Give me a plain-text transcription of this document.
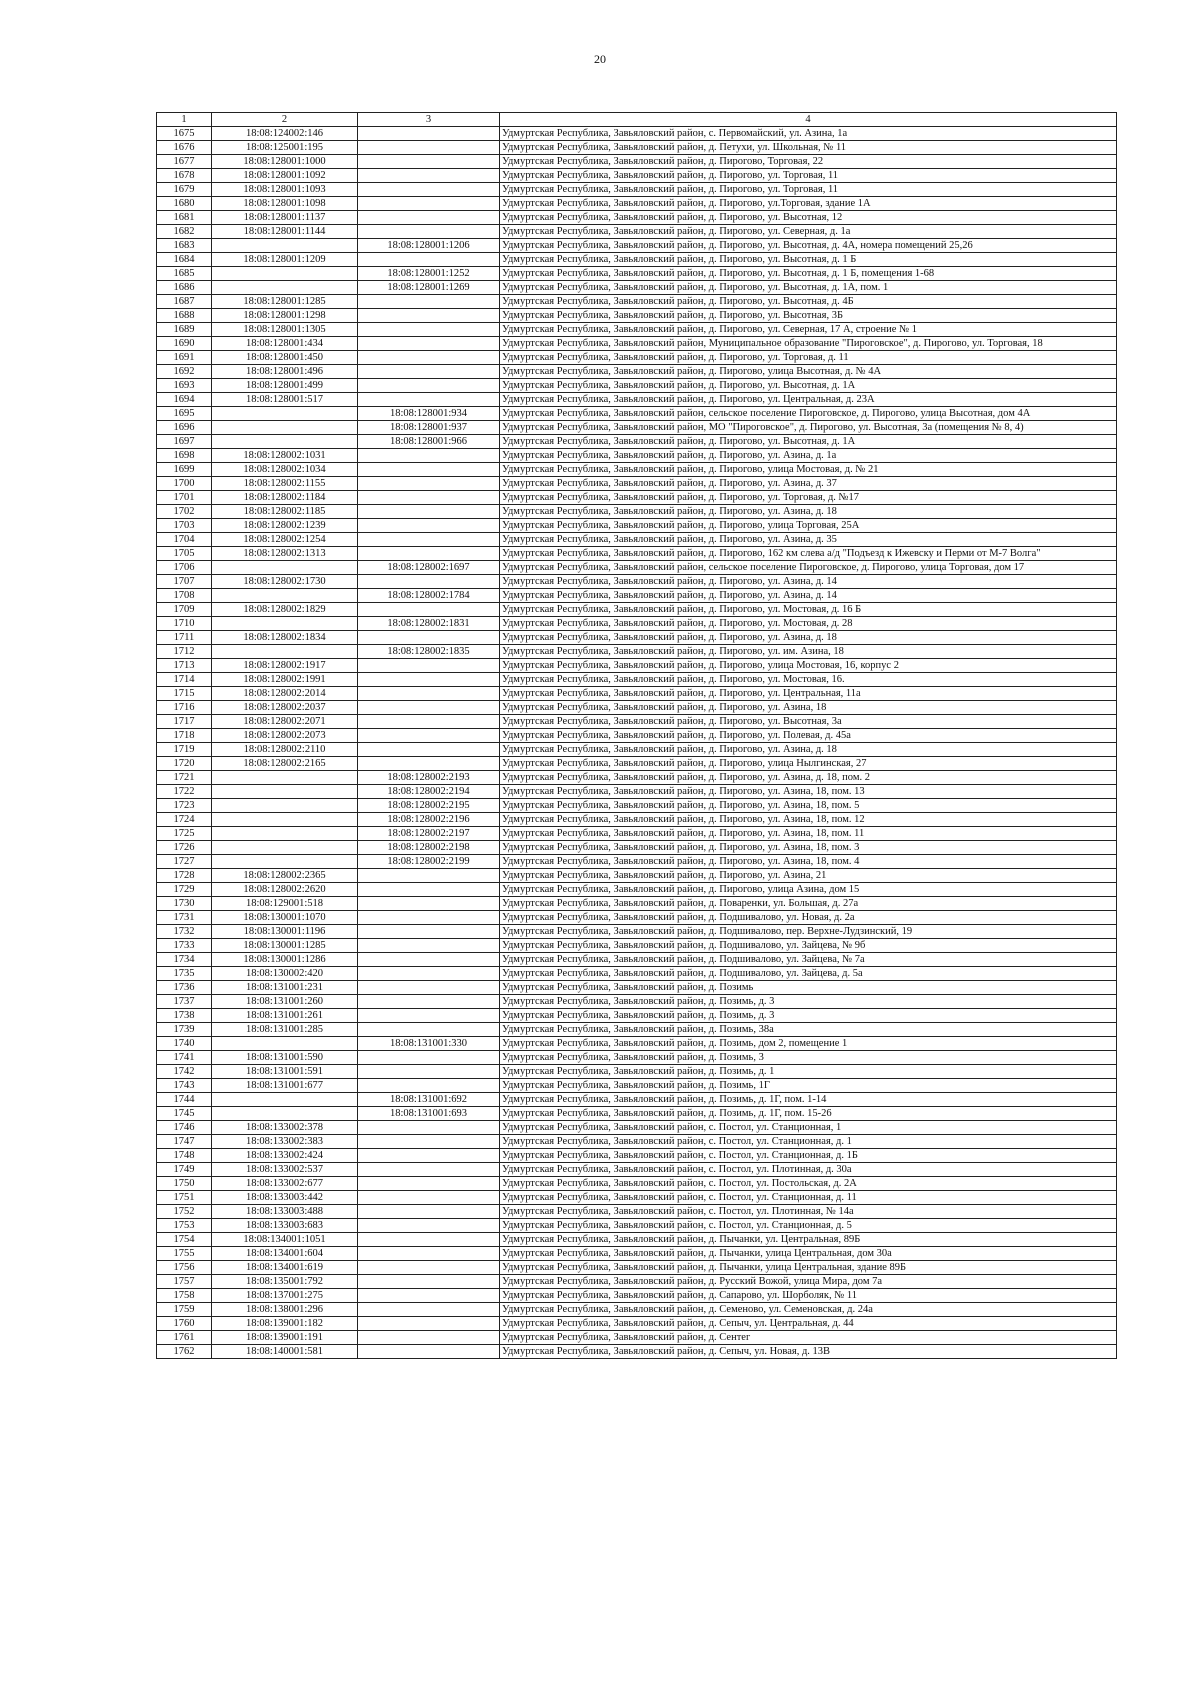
20
1	2	3	4
1675	18:08:124002:146		Удмуртская Республика, Завьяловский район, с. Первомайский, ул. Азина, 1а
1676	18:08:125001:195		Удмуртская Республика, Завьяловский район, д. Петухи, ул. Школьная, № 11
1677	18:08:128001:1000		Удмуртская Республика, Завьяловский район, д. Пирогово, Торговая, 22
1678	18:08:128001:1092		Удмуртская Республика, Завьяловский район, д. Пирогово, ул. Торговая, 11
1679	18:08:128001:1093		Удмуртская Республика, Завьяловский район, д. Пирогово, ул. Торговая, 11
1680	18:08:128001:1098		Удмуртская Республика, Завьяловский район, д. Пирогово, ул.Торговая, здание 1А
1681	18:08:128001:1137		Удмуртская Республика, Завьяловский район, д. Пирогово, ул. Высотная, 12
1682	18:08:128001:1144		Удмуртская Республика, Завьяловский район, д. Пирогово, ул. Северная, д. 1а
1683		18:08:128001:1206	Удмуртская Республика, Завьяловский район, д. Пирогово, ул. Высотная, д. 4А, номера помещений 25,26
1684	18:08:128001:1209		Удмуртская Республика, Завьяловский район, д. Пирогово, ул. Высотная, д. 1 Б
1685		18:08:128001:1252	Удмуртская Республика, Завьяловский район, д. Пирогово, ул. Высотная, д. 1 Б, помещения 1-68
1686		18:08:128001:1269	Удмуртская Республика, Завьяловский район, д. Пирогово, ул. Высотная, д. 1А, пом. 1
1687	18:08:128001:1285		Удмуртская Республика, Завьяловский район, д. Пирогово, ул. Высотная, д. 4Б
1688	18:08:128001:1298		Удмуртская Республика, Завьяловский район, д. Пирогово, ул. Высотная, 3Б
1689	18:08:128001:1305		Удмуртская Республика, Завьяловский район, д. Пирогово, ул. Северная, 17 А, строение № 1
1690	18:08:128001:434		Удмуртская Республика, Завьяловский район, Муниципальное образование "Пироговское", д. Пирогово, ул. Торговая, 18
1691	18:08:128001:450		Удмуртская Республика, Завьяловский район, д. Пирогово, ул. Торговая, д. 11
1692	18:08:128001:496		Удмуртская Республика, Завьяловский район, д. Пирогово, улица Высотная, д. № 4А
1693	18:08:128001:499		Удмуртская Республика, Завьяловский район, д. Пирогово, ул. Высотная, д. 1А
1694	18:08:128001:517		Удмуртская Республика, Завьяловский район, д. Пирогово, ул. Центральная, д. 23А
1695		18:08:128001:934	Удмуртская Республика, Завьяловский район, сельское поселение Пироговское, д. Пирогово, улица Высотная, дом 4А
1696		18:08:128001:937	Удмуртская Республика, Завьяловский район, МО "Пироговское", д. Пирогово, ул. Высотная, 3а (помещения № 8, 4)
1697		18:08:128001:966	Удмуртская Республика, Завьяловский район, д. Пирогово, ул. Высотная, д. 1А
1698	18:08:128002:1031		Удмуртская Республика, Завьяловский район, д. Пирогово, ул. Азина, д. 1а
1699	18:08:128002:1034		Удмуртская Республика, Завьяловский район, д. Пирогово, улица Мостовая, д. № 21
1700	18:08:128002:1155		Удмуртская Республика, Завьяловский район, д. Пирогово, ул. Азина, д. 37
1701	18:08:128002:1184		Удмуртская Республика, Завьяловский район, д. Пирогово, ул. Торговая, д. №17
1702	18:08:128002:1185		Удмуртская Республика, Завьяловский район, д. Пирогово, ул. Азина, д. 18
1703	18:08:128002:1239		Удмуртская Республика, Завьяловский район, д. Пирогово, улица Торговая, 25А
1704	18:08:128002:1254		Удмуртская Республика, Завьяловский район, д. Пирогово, ул. Азина, д. 35
1705	18:08:128002:1313		Удмуртская Республика, Завьяловский район, д. Пирогово, 162 км слева а/д "Подъезд к Ижевску и Перми от М-7 Волга"
1706		18:08:128002:1697	Удмуртская Республика, Завьяловский район, сельское поселение Пироговское, д. Пирогово, улица Торговая, дом 17
1707	18:08:128002:1730		Удмуртская Республика, Завьяловский район, д. Пирогово, ул. Азина, д. 14
1708		18:08:128002:1784	Удмуртская Республика, Завьяловский район, д. Пирогово, ул. Азина, д. 14
1709	18:08:128002:1829		Удмуртская Республика, Завьяловский район, д. Пирогово, ул. Мостовая, д. 16 Б
1710		18:08:128002:1831	Удмуртская Республика, Завьяловский район, д. Пирогово, ул. Мостовая, д. 28
1711	18:08:128002:1834		Удмуртская Республика, Завьяловский район, д. Пирогово, ул. Азина, д. 18
1712		18:08:128002:1835	Удмуртская Республика, Завьяловский район, д. Пирогово, ул. им. Азина, 18
1713	18:08:128002:1917		Удмуртская Республика, Завьяловский район, д. Пирогово, улица Мостовая, 16, корпус 2
1714	18:08:128002:1991		Удмуртская Республика, Завьяловский район, д. Пирогово, ул. Мостовая, 16.
1715	18:08:128002:2014		Удмуртская Республика, Завьяловский район, д. Пирогово, ул. Центральная, 11а
1716	18:08:128002:2037		Удмуртская Республика, Завьяловский район, д. Пирогово, ул. Азина, 18
1717	18:08:128002:2071		Удмуртская Республика, Завьяловский район, д. Пирогово, ул. Высотная, 3а
1718	18:08:128002:2073		Удмуртская Республика, Завьяловский район, д. Пирогово, ул. Полевая, д. 45а
1719	18:08:128002:2110		Удмуртская Республика, Завьяловский район, д. Пирогово, ул. Азина, д. 18
1720	18:08:128002:2165		Удмуртская Республика, Завьяловский район, д. Пирогово, улица Нылгинская, 27
1721		18:08:128002:2193	Удмуртская Республика, Завьяловский район, д. Пирогово, ул. Азина, д. 18, пом. 2
1722		18:08:128002:2194	Удмуртская Республика, Завьяловский район, д. Пирогово, ул. Азина, 18, пом. 13
1723		18:08:128002:2195	Удмуртская Республика, Завьяловский район, д. Пирогово, ул. Азина, 18, пом. 5
1724		18:08:128002:2196	Удмуртская Республика, Завьяловский район, д. Пирогово, ул. Азина, 18, пом. 12
1725		18:08:128002:2197	Удмуртская Республика, Завьяловский район, д. Пирогово, ул. Азина, 18, пом. 11
1726		18:08:128002:2198	Удмуртская Республика, Завьяловский район, д. Пирогово, ул. Азина, 18, пом. 3
1727		18:08:128002:2199	Удмуртская Республика, Завьяловский район, д. Пирогово, ул. Азина, 18, пом. 4
1728	18:08:128002:2365		Удмуртская Республика, Завьяловский район, д. Пирогово, ул. Азина, 21
1729	18:08:128002:2620		Удмуртская Республика, Завьяловский район, д. Пирогово, улица Азина, дом 15
1730	18:08:129001:518		Удмуртская Республика, Завьяловский район, д. Поваренки, ул. Большая, д. 27а
1731	18:08:130001:1070		Удмуртская Республика, Завьяловский район, д. Подшивалово, ул. Новая, д. 2а
1732	18:08:130001:1196		Удмуртская Республика, Завьяловский район, д. Подшивалово, пер. Верхне-Лудзинский, 19
1733	18:08:130001:1285		Удмуртская Республика, Завьяловский район, д. Подшивалово, ул. Зайцева, № 9б
1734	18:08:130001:1286		Удмуртская Республика, Завьяловский район, д. Подшивалово, ул. Зайцева, № 7а
1735	18:08:130002:420		Удмуртская Республика, Завьяловский район, д. Подшивалово, ул. Зайцева, д. 5а
1736	18:08:131001:231		Удмуртская Республика, Завьяловский район, д. Позимь
1737	18:08:131001:260		Удмуртская Республика, Завьяловский район, д. Позимь, д. 3
1738	18:08:131001:261		Удмуртская Республика, Завьяловский район, д. Позимь, д. 3
1739	18:08:131001:285		Удмуртская Республика, Завьяловский район, д. Позимь, 38а
1740		18:08:131001:330	Удмуртская Республика, Завьяловский район, д. Позимь, дом 2, помещение 1
1741	18:08:131001:590		Удмуртская Республика, Завьяловский район, д. Позимь, 3
1742	18:08:131001:591		Удмуртская Республика, Завьяловский район, д. Позимь, д. 1
1743	18:08:131001:677		Удмуртская Республика, Завьяловский район, д. Позимь, 1Г
1744		18:08:131001:692	Удмуртская Республика, Завьяловский район, д. Позимь, д. 1Г, пом. 1-14
1745		18:08:131001:693	Удмуртская Республика, Завьяловский район, д. Позимь, д. 1Г, пом. 15-26
1746	18:08:133002:378		Удмуртская Республика, Завьяловский район, с. Постол, ул. Станционная, 1
1747	18:08:133002:383		Удмуртская Республика, Завьяловский район, с. Постол, ул. Станционная, д. 1
1748	18:08:133002:424		Удмуртская Республика, Завьяловский район, с. Постол, ул. Станционная, д. 1Б
1749	18:08:133002:537		Удмуртская Республика, Завьяловский район, с. Постол, ул. Плотинная, д. 30а
1750	18:08:133002:677		Удмуртская Республика, Завьяловский район, с. Постол, ул. Постольская, д. 2А
1751	18:08:133003:442		Удмуртская Республика, Завьяловский район, с. Постол, ул. Станционная, д. 11
1752	18:08:133003:488		Удмуртская Республика, Завьяловский район, с. Постол, ул. Плотинная, № 14а
1753	18:08:133003:683		Удмуртская Республика, Завьяловский район, с. Постол, ул. Станционная, д. 5
1754	18:08:134001:1051		Удмуртская Республика, Завьяловский район, д. Пычанки, ул. Центральная, 89Б
1755	18:08:134001:604		Удмуртская Республика, Завьяловский район, д. Пычанки, улица Центральная, дом 30а
1756	18:08:134001:619		Удмуртская Республика, Завьяловский район, д. Пычанки, улица Центральная, здание 89Б
1757	18:08:135001:792		Удмуртская Республика, Завьяловский район, д. Русский Вожой, улица Мира, дом 7а
1758	18:08:137001:275		Удмуртская Республика, Завьяловский район, д. Сапарово, ул. Шорболяк, № 11
1759	18:08:138001:296		Удмуртская Республика, Завьяловский район, д. Семеново, ул. Семеновская, д. 24а
1760	18:08:139001:182		Удмуртская Республика, Завьяловский район, д. Сепыч, ул. Центральная, д. 44
1761	18:08:139001:191		Удмуртская Республика, Завьяловский район, д. Сентег
1762	18:08:140001:581		Удмуртская Республика, Завьяловский район, д. Сепыч, ул. Новая, д. 13В
